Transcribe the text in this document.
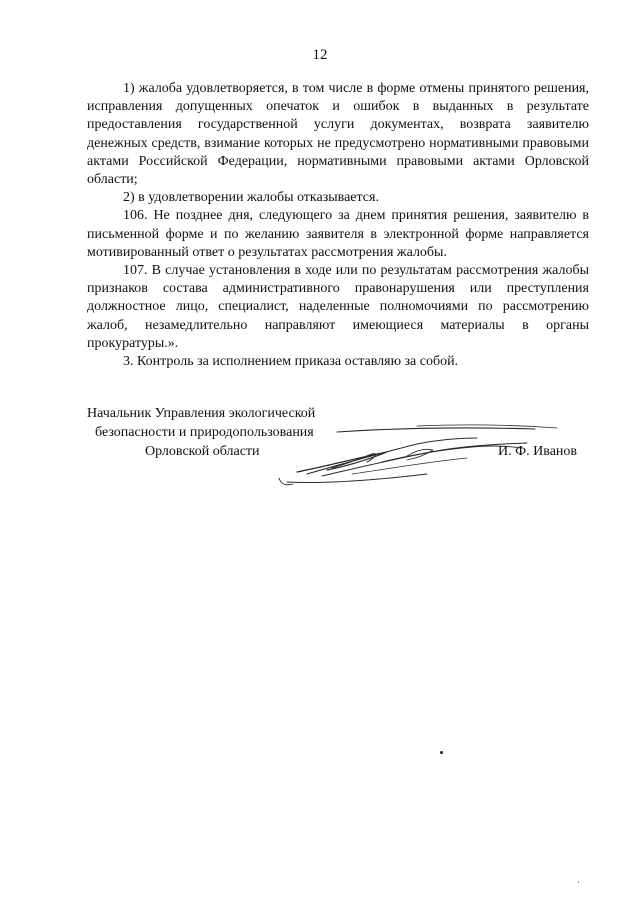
12

1) жалоба удовлетворяется, в том числе в форме отмены принятого решения, исправления допущенных опечаток и ошибок в выданных в результате предоставления государственной услуги документах, возврата заявителю денежных средств, взимание которых не предусмотрено нормативными правовыми актами Российской Федерации, нормативными правовыми актами Орловской области;

2) в удовлетворении жалобы отказывается.

106. Не позднее дня, следующего за днем принятия решения, заявителю в письменной форме и по желанию заявителя в электронной форме направляется мотивированный ответ о результатах рассмотрения жалобы.

107. В случае установления в ходе или по результатам рассмотрения жалобы признаков состава административного правонарушения или преступления должностное лицо, специалист, наделенные полномочиями по рассмотрению жалоб, незамедлительно направляют имеющиеся материалы в органы прокуратуры.».

3. Контроль за исполнением приказа оставляю за собой.

Начальник Управления экологической
безопасности и природопользования
Орловской области	И. Ф. Иванов
